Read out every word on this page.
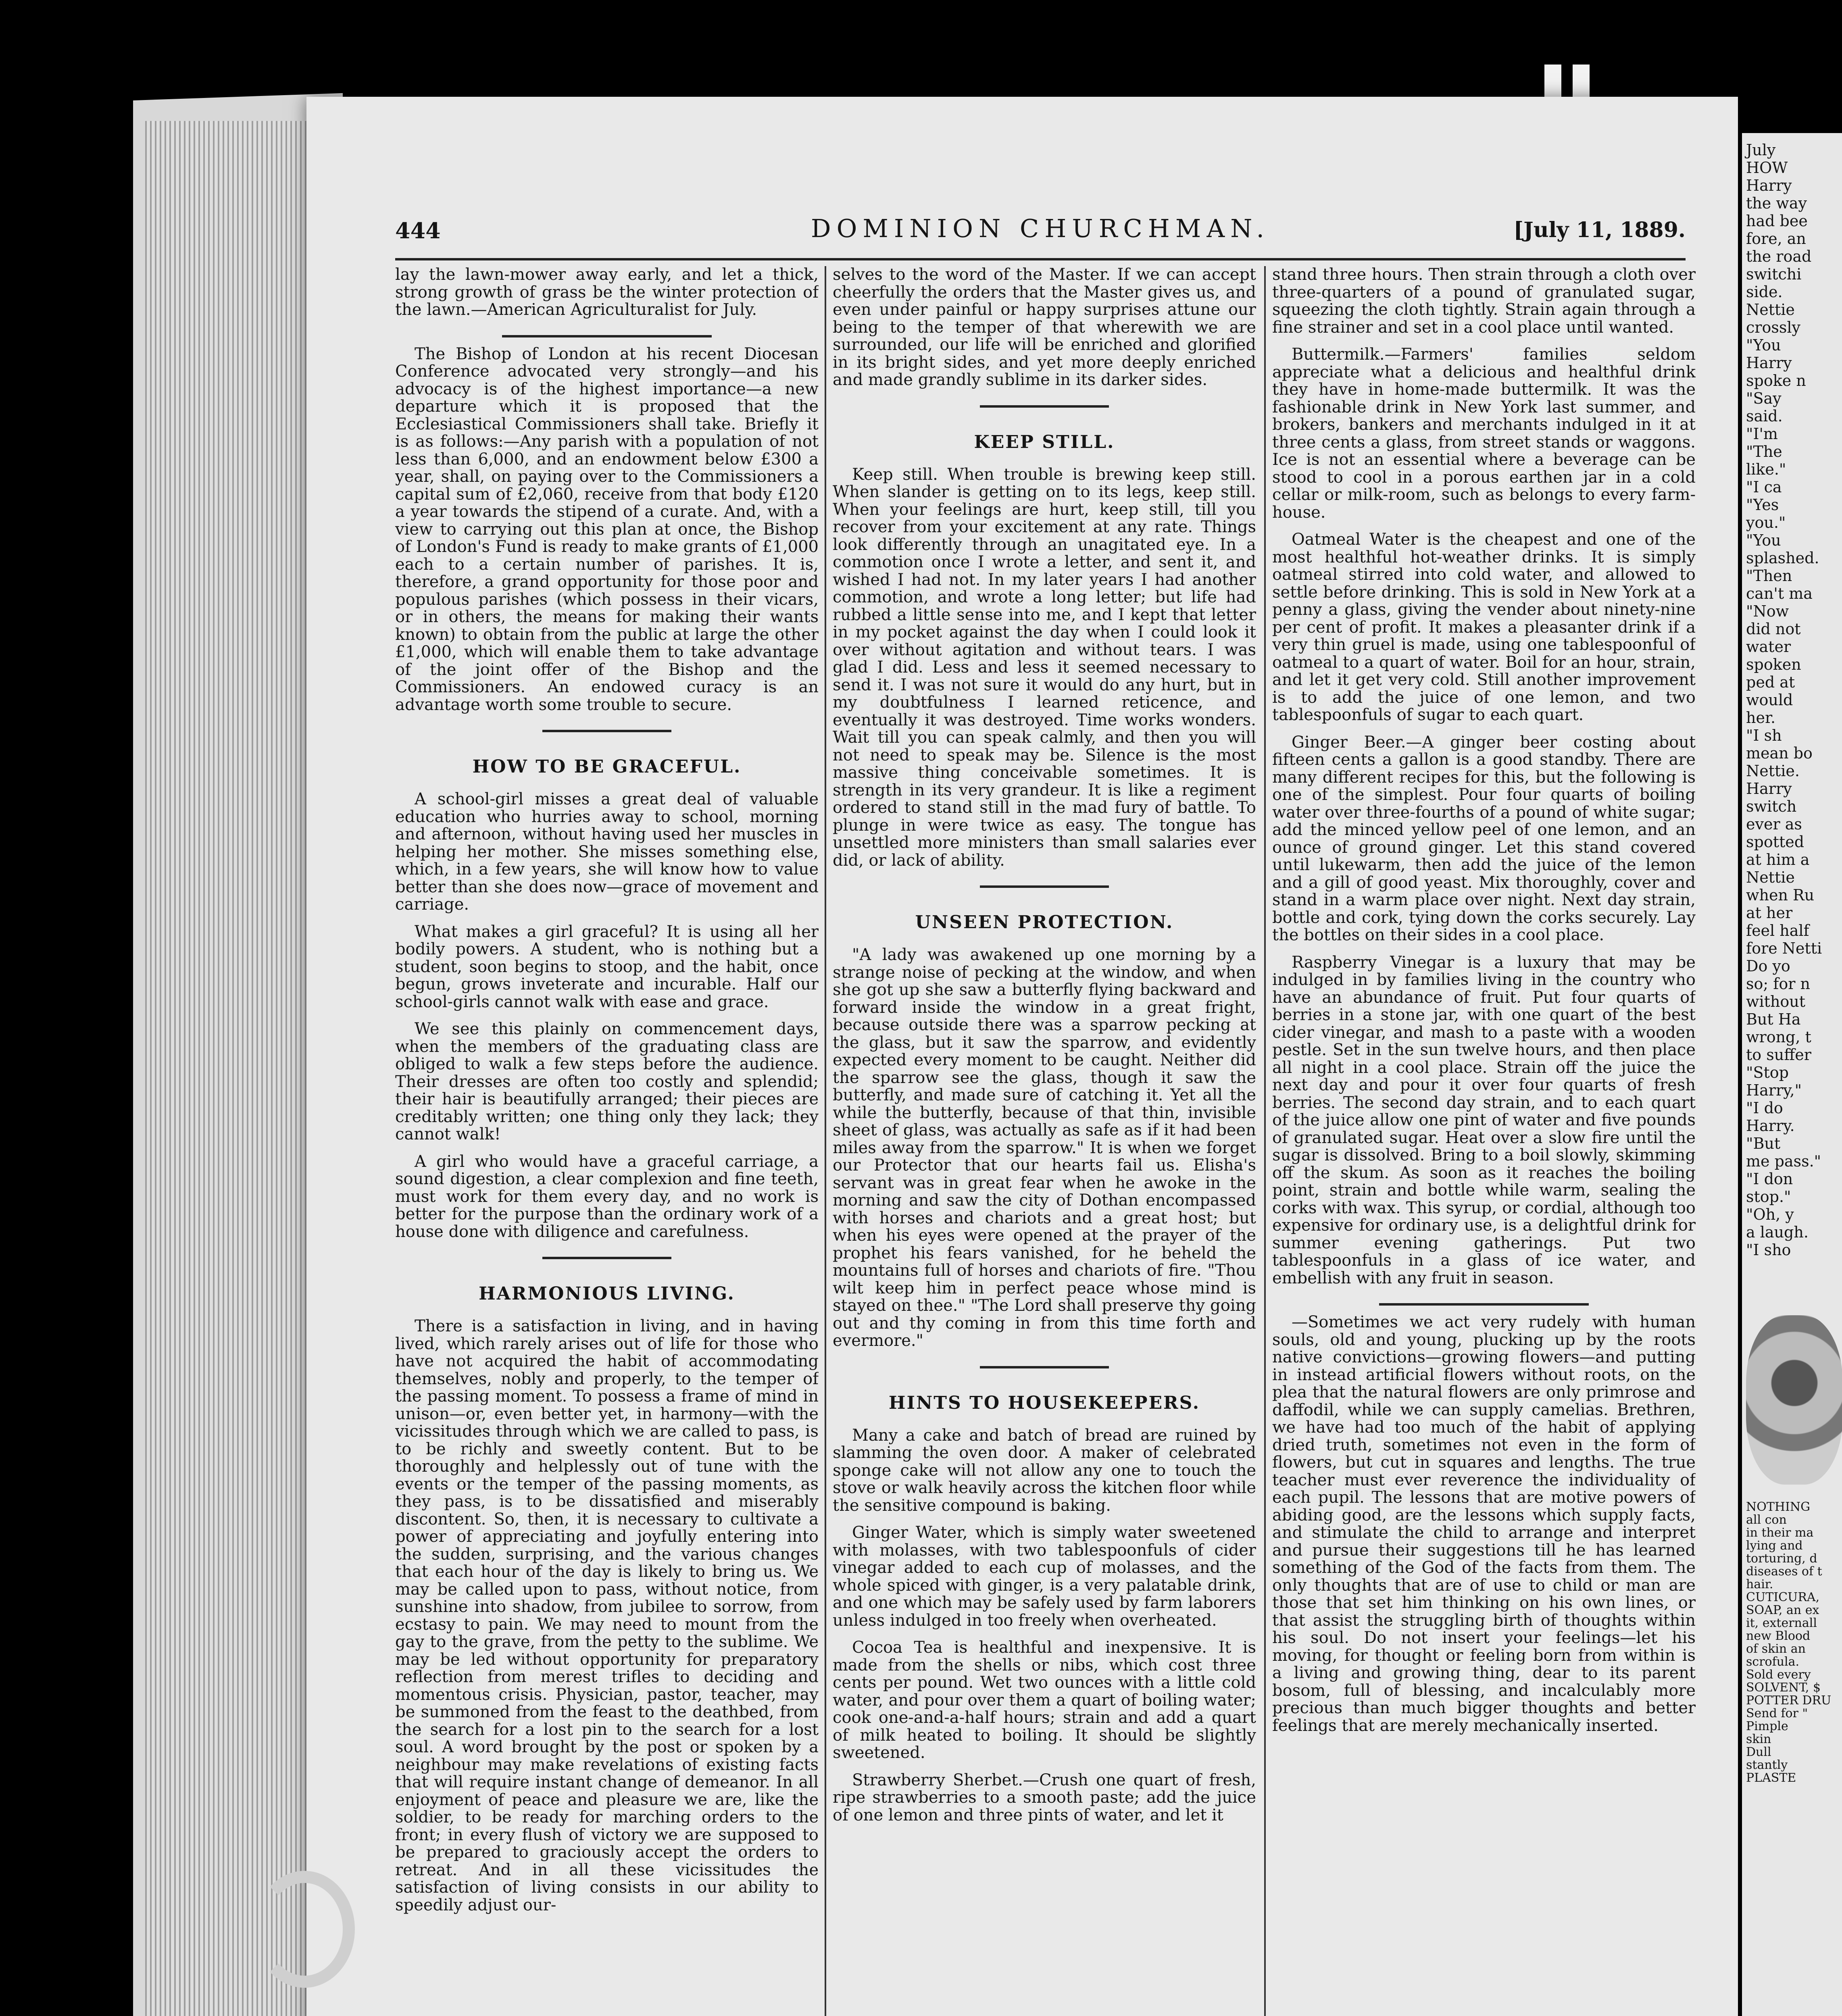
444	DOMINION CHURCHMAN.	[July 11, 1889.

lay the lawn-mower away early, and let a thick, strong growth of grass be the winter protection of the lawn.—American Agriculturalist for July.

The Bishop of London at his recent Diocesan Conference advocated very strongly—and his advocacy is of the highest importance—a new departure which it is proposed that the Ecclesiastical Commissioners shall take. Briefly it is as follows:—Any parish with a population of not less than 6,000, and an endowment below £300 a year, shall, on paying over to the Commissioners a capital sum of £2,060, receive from that body £120 a year towards the stipend of a curate. And, with a view to carrying out this plan at once, the Bishop of London's Fund is ready to make grants of £1,000 each to a certain number of parishes. It is, therefore, a grand opportunity for those poor and populous parishes (which possess in their vicars, or in others, the means for making their wants known) to obtain from the public at large the other £1,000, which will enable them to take advantage of the joint offer of the Bishop and the Commissioners. An endowed curacy is an advantage worth some trouble to secure.

HOW TO BE GRACEFUL.

A school-girl misses a great deal of valuable education who hurries away to school, morning and afternoon, without having used her muscles in helping her mother. She misses something else, which, in a few years, she will know how to value better than she does now—grace of movement and carriage.

What makes a girl graceful? It is using all her bodily powers. A student, who is nothing but a student, soon begins to stoop, and the habit, once begun, grows inveterate and incurable. Half our school-girls cannot walk with ease and grace.

We see this plainly on commencement days, when the members of the graduating class are obliged to walk a few steps before the audience. Their dresses are often too costly and splendid; their hair is beautifully arranged; their pieces are creditably written; one thing only they lack; they cannot walk!

A girl who would have a graceful carriage, a sound digestion, a clear complexion and fine teeth, must work for them every day, and no work is better for the purpose than the ordinary work of a house done with diligence and carefulness.

HARMONIOUS LIVING.

There is a satisfaction in living, and in having lived, which rarely arises out of life for those who have not acquired the habit of accommodating themselves, nobly and properly, to the temper of the passing moment. To possess a frame of mind in unison—or, even better yet, in harmony—with the vicissitudes through which we are called to pass, is to be richly and sweetly content. But to be thoroughly and helplessly out of tune with the events or the temper of the passing moments, as they pass, is to be dissatisfied and miserably discontent. So, then, it is necessary to cultivate a power of appreciating and joyfully entering into the sudden, surprising, and the various changes that each hour of the day is likely to bring us. We may be called upon to pass, without notice, from sunshine into shadow, from jubilee to sorrow, from ecstasy to pain. We may need to mount from the gay to the grave, from the petty to the sublime. We may be led without opportunity for preparatory reflection from merest trifles to deciding and momentous crisis. Physician, pastor, teacher, may be summoned from the feast to the deathbed, from the search for a lost pin to the search for a lost soul. A word brought by the post or spoken by a neighbour may make revelations of existing facts that will require instant change of demeanor. In all enjoyment of peace and pleasure we are, like the soldier, to be ready for marching orders to the front; in every flush of victory we are supposed to be prepared to graciously accept the orders to retreat. And in all these vicissitudes the satisfaction of living consists in our ability to speedily adjust our-

selves to the word of the Master. If we can accept cheerfully the orders that the Master gives us, and even under painful or happy surprises attune our being to the temper of that wherewith we are surrounded, our life will be enriched and glorified in its bright sides, and yet more deeply enriched and made grandly sublime in its darker sides.

KEEP STILL.

Keep still. When trouble is brewing keep still. When slander is getting on to its legs, keep still. When your feelings are hurt, keep still, till you recover from your excitement at any rate. Things look differently through an unagitated eye. In a commotion once I wrote a letter, and sent it, and wished I had not. In my later years I had another commotion, and wrote a long letter; but life had rubbed a little sense into me, and I kept that letter in my pocket against the day when I could look it over without agitation and without tears. I was glad I did. Less and less it seemed necessary to send it. I was not sure it would do any hurt, but in my doubtfulness I learned reticence, and eventually it was destroyed. Time works wonders. Wait till you can speak calmly, and then you will not need to speak may be. Silence is the most massive thing conceivable sometimes. It is strength in its very grandeur. It is like a regiment ordered to stand still in the mad fury of battle. To plunge in were twice as easy. The tongue has unsettled more ministers than small salaries ever did, or lack of ability.

UNSEEN PROTECTION.

"A lady was awakened up one morning by a strange noise of pecking at the window, and when she got up she saw a butterfly flying backward and forward inside the window in a great fright, because outside there was a sparrow pecking at the glass, but it saw the sparrow, and evidently expected every moment to be caught. Neither did the sparrow see the glass, though it saw the butterfly, and made sure of catching it. Yet all the while the butterfly, because of that thin, invisible sheet of glass, was actually as safe as if it had been miles away from the sparrow." It is when we forget our Protector that our hearts fail us. Elisha's servant was in great fear when he awoke in the morning and saw the city of Dothan encompassed with horses and chariots and a great host; but when his eyes were opened at the prayer of the prophet his fears vanished, for he beheld the mountains full of horses and chariots of fire. "Thou wilt keep him in perfect peace whose mind is stayed on thee." "The Lord shall preserve thy going out and thy coming in from this time forth and evermore."

HINTS TO HOUSEKEEPERS.

Many a cake and batch of bread are ruined by slamming the oven door. A maker of celebrated sponge cake will not allow any one to touch the stove or walk heavily across the kitchen floor while the sensitive compound is baking.

Ginger Water, which is simply water sweetened with molasses, with two tablespoonfuls of cider vinegar added to each cup of molasses, and the whole spiced with ginger, is a very palatable drink, and one which may be safely used by farm laborers unless indulged in too freely when overheated.

Cocoa Tea is healthful and inexpensive. It is made from the shells or nibs, which cost three cents per pound. Wet two ounces with a little cold water, and pour over them a quart of boiling water; cook one-and-a-half hours; strain and add a quart of milk heated to boiling. It should be slightly sweetened.

Strawberry Sherbet.—Crush one quart of fresh, ripe strawberries to a smooth paste; add the juice of one lemon and three pints of water, and let it

stand three hours. Then strain through a cloth over three-quarters of a pound of granulated sugar, squeezing the cloth tightly. Strain again through a fine strainer and set in a cool place until wanted.

Buttermilk.—Farmers' families seldom appreciate what a delicious and healthful drink they have in home-made buttermilk. It was the fashionable drink in New York last summer, and brokers, bankers and merchants indulged in it at three cents a glass, from street stands or waggons. Ice is not an essential where a beverage can be stood to cool in a porous earthen jar in a cold cellar or milk-room, such as belongs to every farm-house.

Oatmeal Water is the cheapest and one of the most healthful hot-weather drinks. It is simply oatmeal stirred into cold water, and allowed to settle before drinking. This is sold in New York at a penny a glass, giving the vender about ninety-nine per cent of profit. It makes a pleasanter drink if a very thin gruel is made, using one tablespoonful of oatmeal to a quart of water. Boil for an hour, strain, and let it get very cold. Still another improvement is to add the juice of one lemon, and two tablespoonfuls of sugar to each quart.

Ginger Beer.—A ginger beer costing about fifteen cents a gallon is a good standby. There are many different recipes for this, but the following is one of the simplest. Pour four quarts of boiling water over three-fourths of a pound of white sugar; add the minced yellow peel of one lemon, and an ounce of ground ginger. Let this stand covered until lukewarm, then add the juice of the lemon and a gill of good yeast. Mix thoroughly, cover and stand in a warm place over night. Next day strain, bottle and cork, tying down the corks securely. Lay the bottles on their sides in a cool place.

Raspberry Vinegar is a luxury that may be indulged in by families living in the country who have an abundance of fruit. Put four quarts of berries in a stone jar, with one quart of the best cider vinegar, and mash to a paste with a wooden pestle. Set in the sun twelve hours, and then place all night in a cool place. Strain off the juice the next day and pour it over four quarts of fresh berries. The second day strain, and to each quart of the juice allow one pint of water and five pounds of granulated sugar. Heat over a slow fire until the sugar is dissolved. Bring to a boil slowly, skimming off the skum. As soon as it reaches the boiling point, strain and bottle while warm, sealing the corks with wax. This syrup, or cordial, although too expensive for ordinary use, is a delightful drink for summer evening gatherings. Put two tablespoonfuls in a glass of ice water, and embellish with any fruit in season.

—Sometimes we act very rudely with human souls, old and young, plucking up by the roots native convictions—growing flowers—and putting in instead artificial flowers without roots, on the plea that the natural flowers are only primrose and daffodil, while we can supply camelias. Brethren, we have had too much of the habit of applying dried truth, sometimes not even in the form of flowers, but cut in squares and lengths. The true teacher must ever reverence the individuality of each pupil. The lessons that are motive powers of abiding good, are the lessons which supply facts, and stimulate the child to arrange and interpret and pursue their suggestions till he has learned something of the God of the facts from them. The only thoughts that are of use to child or man are those that set him thinking on his own lines, or that assist the struggling birth of thoughts within his soul. Do not insert your feelings—let his moving, for thought or feeling born from within is a living and growing thing, dear to its parent bosom, full of blessing, and incalculably more precious than much bigger thoughts and better feelings that are merely mechanically inserted.

July
HOW
Harry
the way
had bee
fore, an
the road
switchi
side.
Nettie
crossly
"You
Harry
spoke n
"Say
said.
"I'm
"The
like."
"I ca
"Yes
you."
"You
splashed.
"Then
can't ma
"Now
did not
water
spoken
ped at
would
her.
"I sh
mean bo
Nettie.
Harry
switch
ever as
spotted
at him a
Nettie
when Ru
at her
feel half
fore Netti
Do yo
so; for n
without
But Ha
wrong, t
to suffer
"Stop
Harry,"
"I do
Harry.
"But
me pass."
"I don
stop."
"Oh, y
a laugh.
"I sho
NOTHING
all con
in their ma
lying and
torturing, d
diseases of t
hair.
CUTICURA,
SOAP, an ex
it, externall
new Blood
of skin an
scrofula.
Sold every
SOLVENT, $
POTTER DRU
Send for "
Pimple
skin
Dull
stantly
PLASTE
